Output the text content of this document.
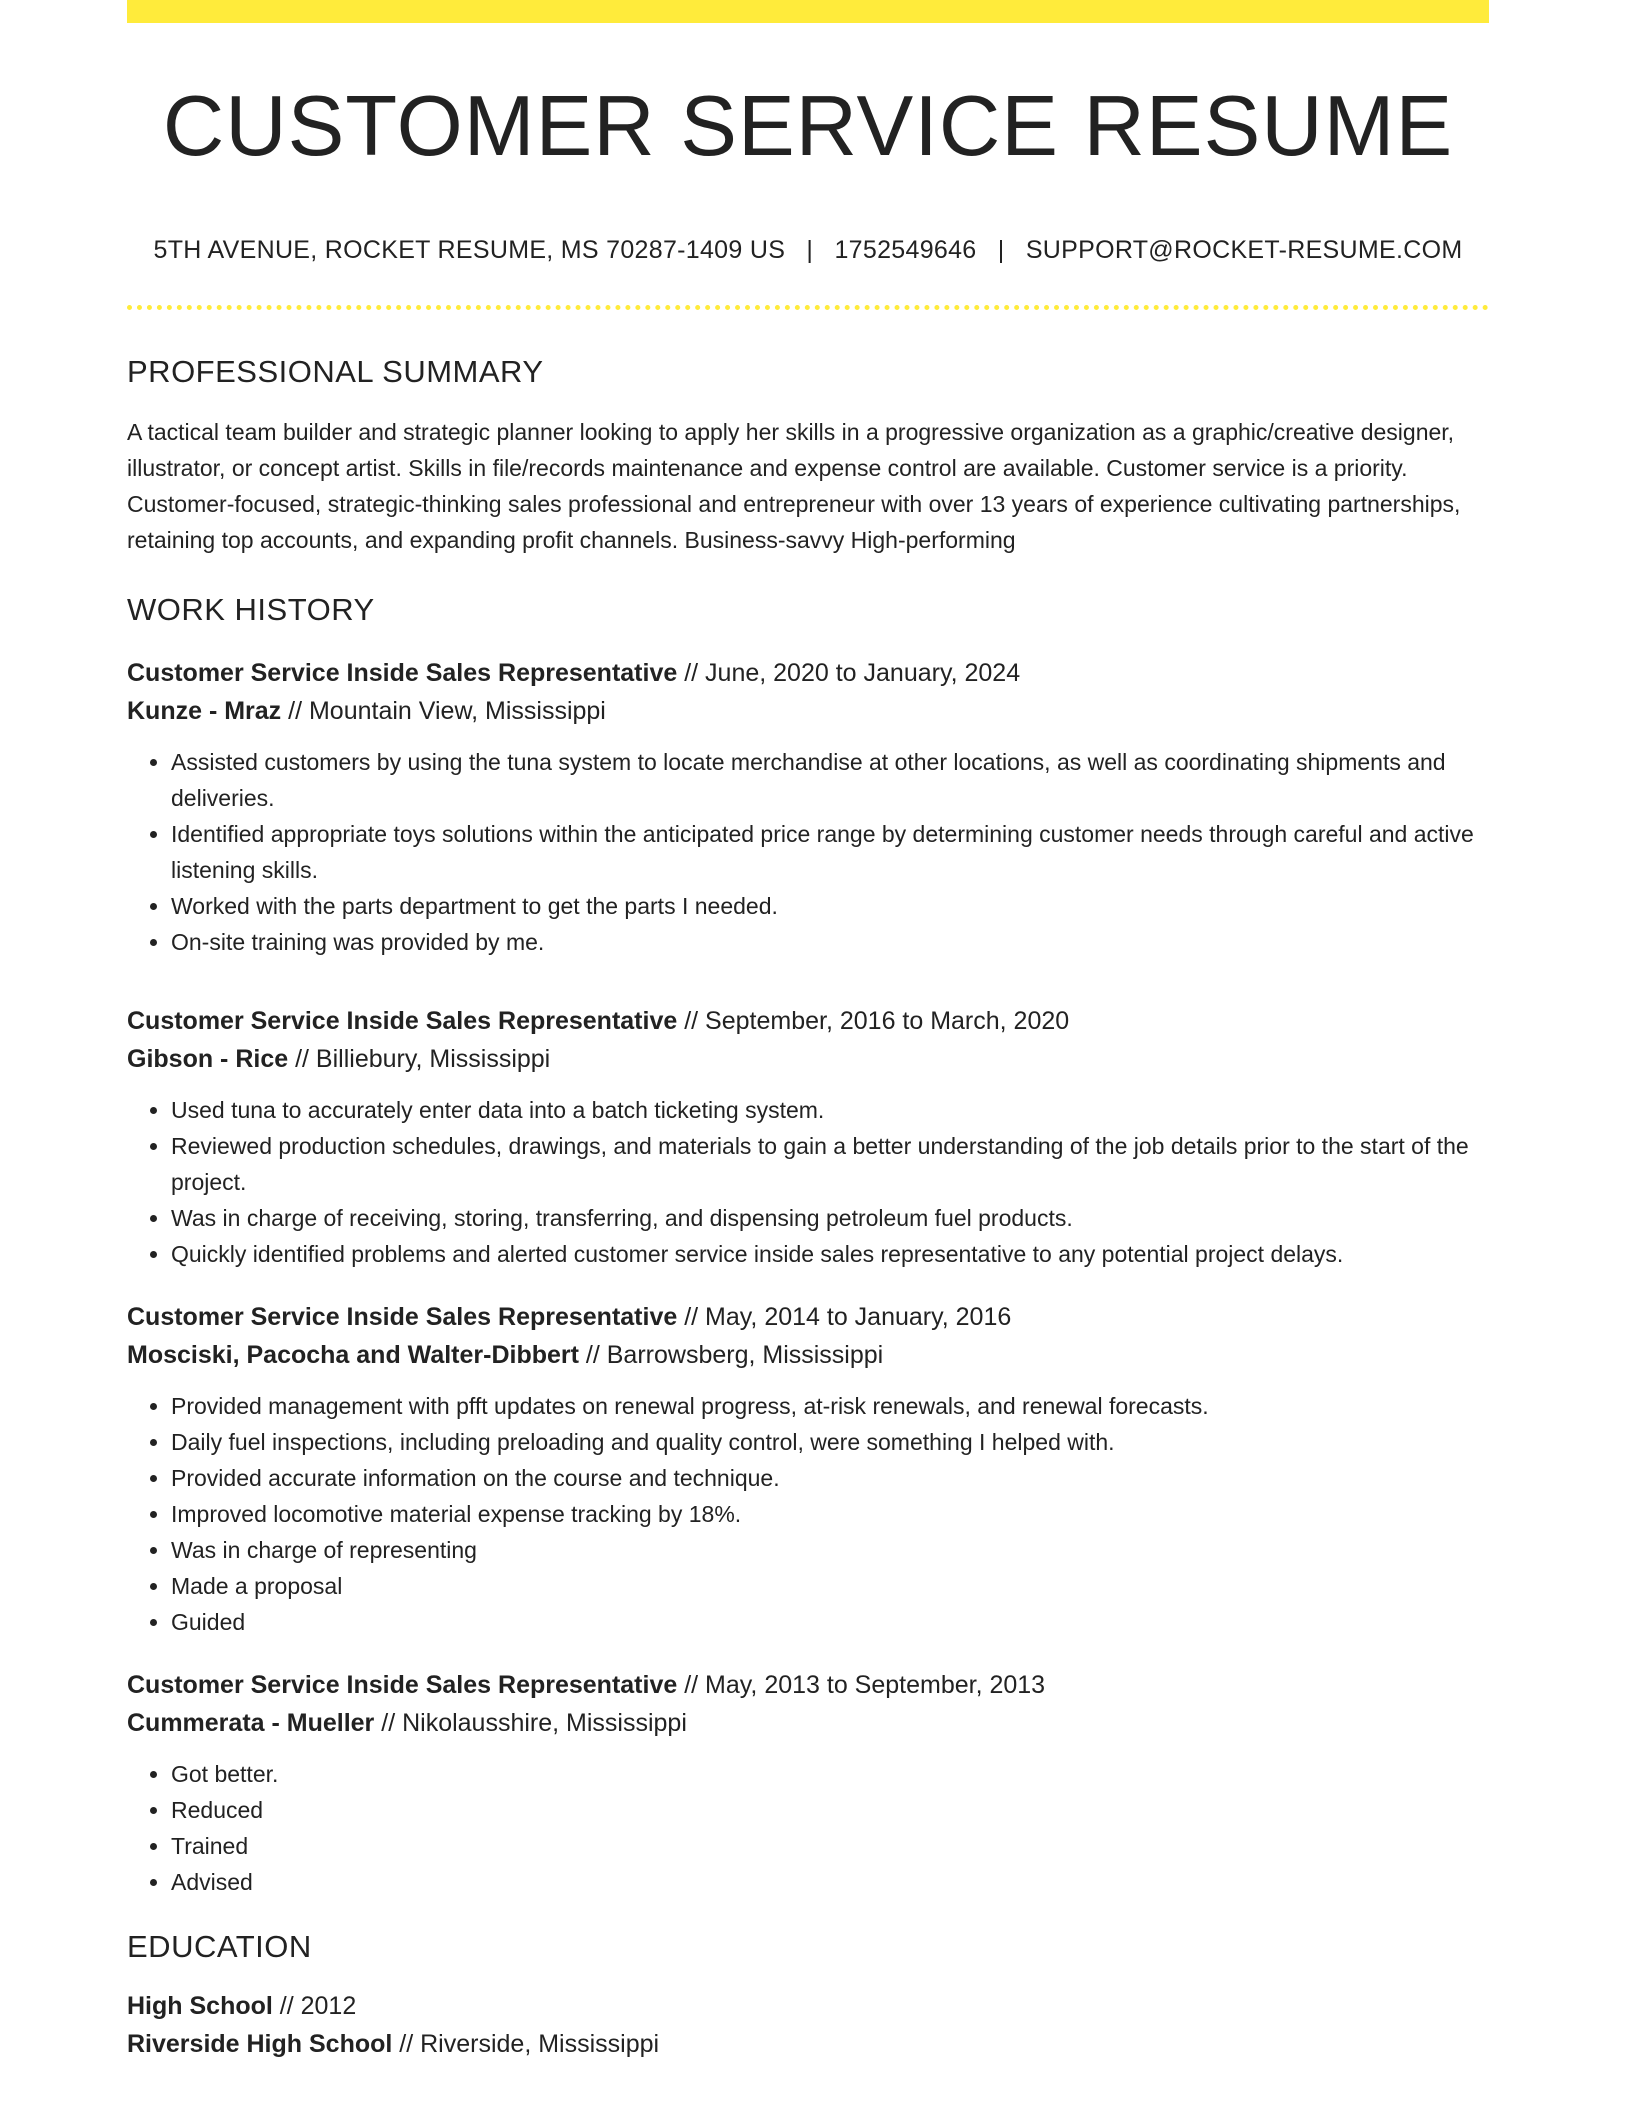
CUSTOMER SERVICE RESUME
5TH AVENUE, ROCKET RESUME, MS 70287-1409 US | 1752549646 | SUPPORT@ROCKET-RESUME.COM
PROFESSIONAL SUMMARY

A tactical team builder and strategic planner looking to apply her skills in a progressive organization as a graphic/creative designer, illustrator, or concept artist. Skills in file/records maintenance and expense control are available. Customer service is a priority. Customer-focused, strategic-thinking sales professional and entrepreneur with over 13 years of experience cultivating partnerships, retaining top accounts, and expanding profit channels. Business-savvy High-performing

WORK HISTORY
Customer Service Inside Sales Representative // June, 2020 to January, 2024
Kunze - Mraz // Mountain View, Mississippi
• Assisted customers by using the tuna system to locate merchandise at other locations, as well as coordinating shipments and deliveries.
• Identified appropriate toys solutions within the anticipated price range by determining customer needs through careful and active listening skills.
• Worked with the parts department to get the parts I needed.
• On-site training was provided by me.
Customer Service Inside Sales Representative // September, 2016 to March, 2020
Gibson - Rice // Billiebury, Mississippi
• Used tuna to accurately enter data into a batch ticketing system.
• Reviewed production schedules, drawings, and materials to gain a better understanding of the job details prior to the start of the project.
• Was in charge of receiving, storing, transferring, and dispensing petroleum fuel products.
• Quickly identified problems and alerted customer service inside sales representative to any potential project delays.
Customer Service Inside Sales Representative // May, 2014 to January, 2016
Mosciski, Pacocha and Walter-Dibbert // Barrowsberg, Mississippi
• Provided management with pfft updates on renewal progress, at-risk renewals, and renewal forecasts.
• Daily fuel inspections, including preloading and quality control, were something I helped with.
• Provided accurate information on the course and technique.
• Improved locomotive material expense tracking by 18%.
• Was in charge of representing
• Made a proposal
• Guided
Customer Service Inside Sales Representative // May, 2013 to September, 2013
Cummerata - Mueller // Nikolausshire, Mississippi
• Got better.
• Reduced
• Trained
• Advised
EDUCATION
High School // 2012
Riverside High School // Riverside, Mississippi
